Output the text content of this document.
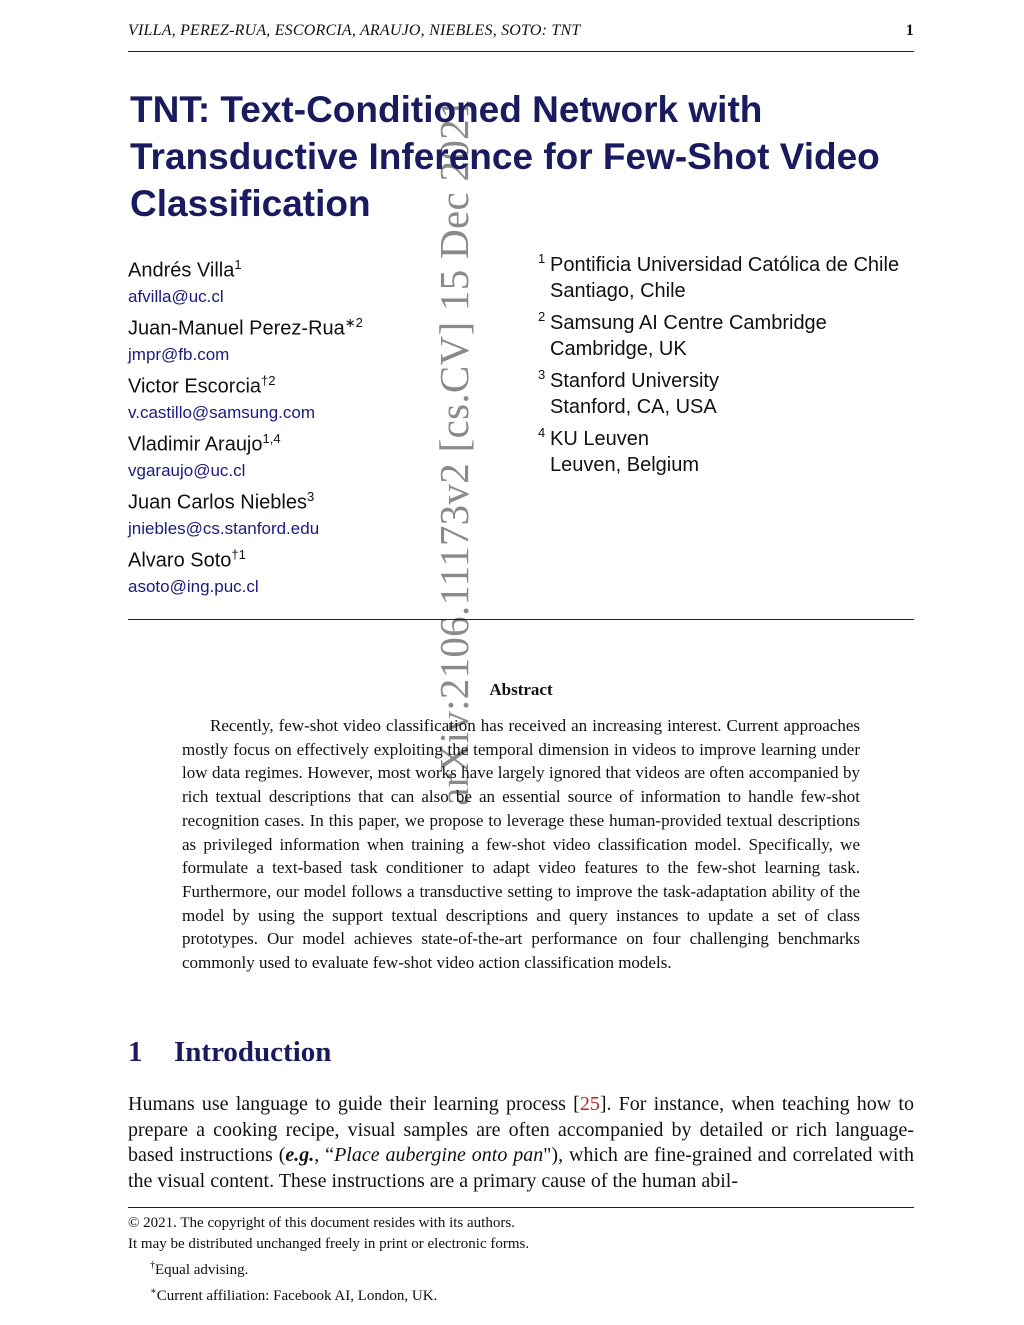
VILLA, PEREZ-RUA, ESCORCIA, ARAUJO, NIEBLES, SOTO: TNT	1
arXiv:2106.11173v2 [cs.CV] 15 Dec 2021
TNT: Text-Conditioned Network with
Transductive Inference for Few-Shot Video
Classification
Andrés Villa$^1$
afvilla@uc.cl
Juan-Manuel Perez-Rua$^{∗2}$
jmpr@fb.com
Victor Escorcia$^{\dagger 2}$
v.castillo@samsung.com
Vladimir Araujo$^{1,4}$
vgaraujo@uc.cl
Juan Carlos Niebles$^3$
jniebles@cs.stanford.edu
Alvaro Soto$^{\dagger 1}$
asoto@ing.puc.cl
1 Pontificia Universidad Católica de Chile
Santiago, Chile
2 Samsung AI Centre Cambridge
Cambridge, UK
3 Stanford University
Stanford, CA, USA
4 KU Leuven
Leuven, Belgium
Abstract
Recently, few-shot video classification has received an increasing interest. Current approaches mostly focus on effectively exploiting the temporal dimension in videos to improve learning under low data regimes. However, most works have largely ignored that videos are often accompanied by rich textual descriptions that can also be an essential source of information to handle few-shot recognition cases. In this paper, we propose to leverage these human-provided textual descriptions as privileged information when training a few-shot video classification model. Specifically, we formulate a text-based task conditioner to adapt video features to the few-shot learning task. Furthermore, our model follows a transductive setting to improve the task-adaptation ability of the model by using the support textual descriptions and query instances to update a set of class prototypes. Our model achieves state-of-the-art performance on four challenging benchmarks commonly used to evaluate few-shot video action classification models.
1 Introduction
Humans use language to guide their learning process [25]. For instance, when teaching how to prepare a cooking recipe, visual samples are often accompanied by detailed or rich language-based instructions (e.g., “Place aubergine onto pan"), which are fine-grained and correlated with the visual content. These instructions are a primary cause of the human abil-
© 2021. The copyright of this document resides with its authors.
It may be distributed unchanged freely in print or electronic forms.
†Equal advising.
∗Current affiliation: Facebook AI, London, UK.
